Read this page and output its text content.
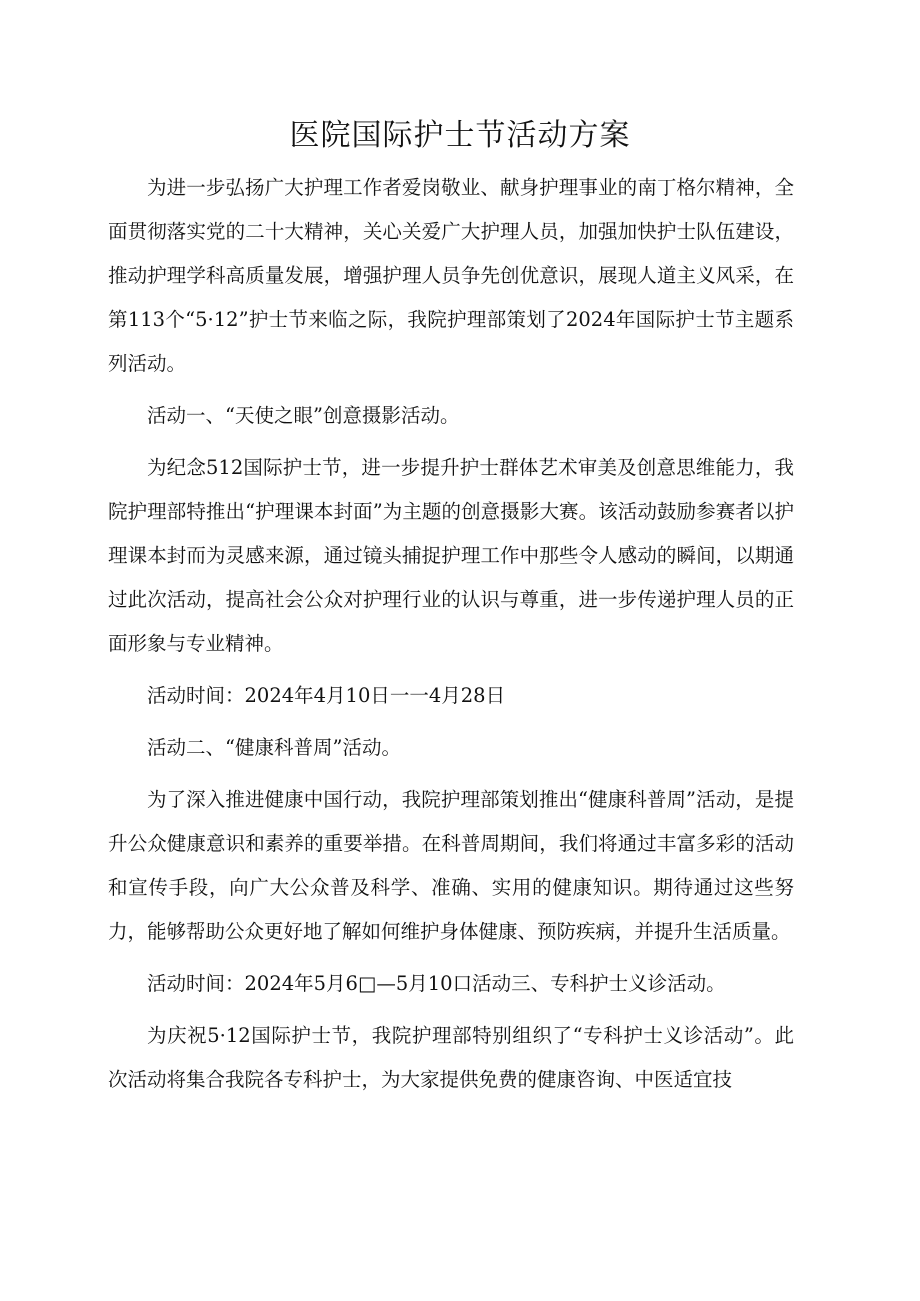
医院国际护士节活动方案

为进一步弘扬广大护理工作者爱岗敬业、献身护理事业的南丁格尔精神，全面贯彻落实党的二十大精神，关心关爱广大护理人员，加强加快护士队伍建设，推动护理学科高质量发展，增强护理人员争先创优意识，展现人道主义风采，在第113个“5·12”护士节来临之际，我院护理部策划了2024年国际护士节主题系列活动。

活动一、“天使之眼”创意摄影活动。

为纪念512国际护士节，进一步提升护士群体艺术审美及创意思维能力，我院护理部特推出“护理课本封面”为主题的创意摄影大赛。该活动鼓励参赛者以护理课本封而为灵感来源，通过镜头捕捉护理工作中那些令人感动的瞬间，以期通过此次活动，提高社会公众对护理行业的认识与尊重，进一步传递护理人员的正面形象与专业精神。

活动时间：2024年4月10日一一4月28日

活动二、“健康科普周”活动。

为了深入推进健康中国行动，我院护理部策划推出“健康科普周”活动，是提升公众健康意识和素养的重要举措。在科普周期间，我们将通过丰富多彩的活动和宣传手段，向广大公众普及科学、准确、实用的健康知识。期待通过这些努力，能够帮助公众更好地了解如何维护身体健康、预防疾病，并提升生活质量。

活动时间：2024年5月6□—5月10口活动三、专科护士义诊活动。

为庆祝5·12国际护士节，我院护理部特别组织了“专科护士义诊活动”。此次活动将集合我院各专科护士，为大家提供免费的健康咨询、中医适宜技
